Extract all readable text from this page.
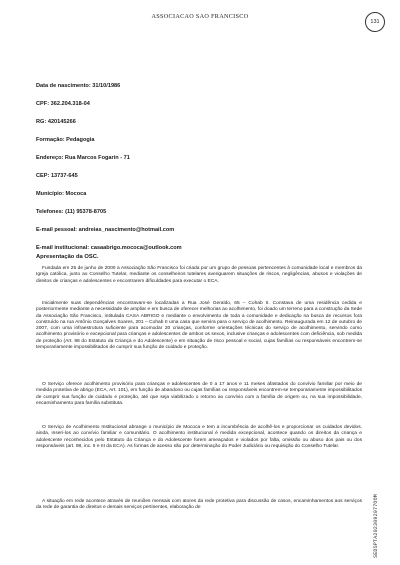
ASSOCIACAO SAO FRANCISCO
131
Data de nascimento: 31/10/1986
CPF: 362.204.318-04
RG: 420145266
Formação: Pedagogia
Endereço: Rua Marcos Fogarin - 71
CEP: 13737-645
Município: Mococa
Telefones: (11) 95378-8705
E-mail pessoal: andreias_nascimento@hotmail.com
E-mail institucional: casaabrigo.mococa@outlook.com
Apresentação da OSC.

Fundada em 25 de junho de 2000 a Associação São Francisco foi criada por um grupo de pessoas pertencentes à comunidade local e membros da Igreja católica, junto ao Conselho Tutelar, mediante os conselheiros tutelares averiguarem situações de riscos, negligências, abusos e violações de direitos de crianças e adolescentes e encontrarem dificuldades para executar o ECA.

Inicialmente suas dependências encontravam-se localizadas a Rua José Geraldo, 65 – Cohab II. Constava de uma residência cedida e posteriormente mediante a necessidade de ampliar e em busca de oferecer melhorias ao acolhimento, foi doado um terreno para a construção da Sede da Associação São Francisco, intitulada CASA ABRIGO e mediante o envolvimento de toda a comunidade e dedicação na busca de recursos fora construído na rua Antônio Gonçalves Soares, 201 – Cohab II uma casa que servira para o serviço de acolhimento. Reinaugurada em 12 de outubro de 2007, com uma infraestrutura suficiente para acomodar 20 crianças, conforme orientações técnicas do serviço de acolhimento, servindo como acolhimento provisório e excepcional para crianças e adolescentes de ambos os sexos, inclusive crianças e adolescentes com deficiência, sob medida de proteção (Art. 98 do Estatuto da Criança e do Adolescente) e em situação de risco pessoal e social, cujas famílias ou responsáveis encontrem-se temporariamente impossibilitados de cumprir sua função de cuidado e proteção.

O Serviço oferece acolhimento provisório para crianças e adolescentes de 0 a 17 anos e 11 meses afastados do convívio familiar por meio de medida protetiva de abrigo (ECA, Art. 101), em função de abandono ou cujas famílias ou responsáveis encontrem-se temporariamente impossibilitados de cumprir sua função de cuidado e proteção, até que seja viabilizado o retorno ao convívio com a família de origem ou, na sua impossibilidade, encaminhamento para família substituta.

O Serviço de Acolhimento Institucional abrange o município de Mococa e tem a incumbência de acolhê-los e proporcionar os cuidados devidos, ainda, inseri-los ao convívio familiar e comunitário. O acolhimento institucional é medida excepcional, acontece quando os direitos da criança e adolescente reconhecidos pelo Estatuto da Criança e do Adolescente forem ameaçados e violados por falta, omissão ou abuso dos pais ou dos responsáveis (art. 98, inc. II e III da ECA). As formas de acesso são por determinação do Poder Judiciário ou requisição do Conselho Tutelar.

A situação em rede acontece através de reuniões mensais com atores da rede protetiva para discussão de casos, encaminhamentos aos serviços da rede de garantia de direitos e demais serviços pertinentes, elaboração de	SEDSPTA2023092077OOM
